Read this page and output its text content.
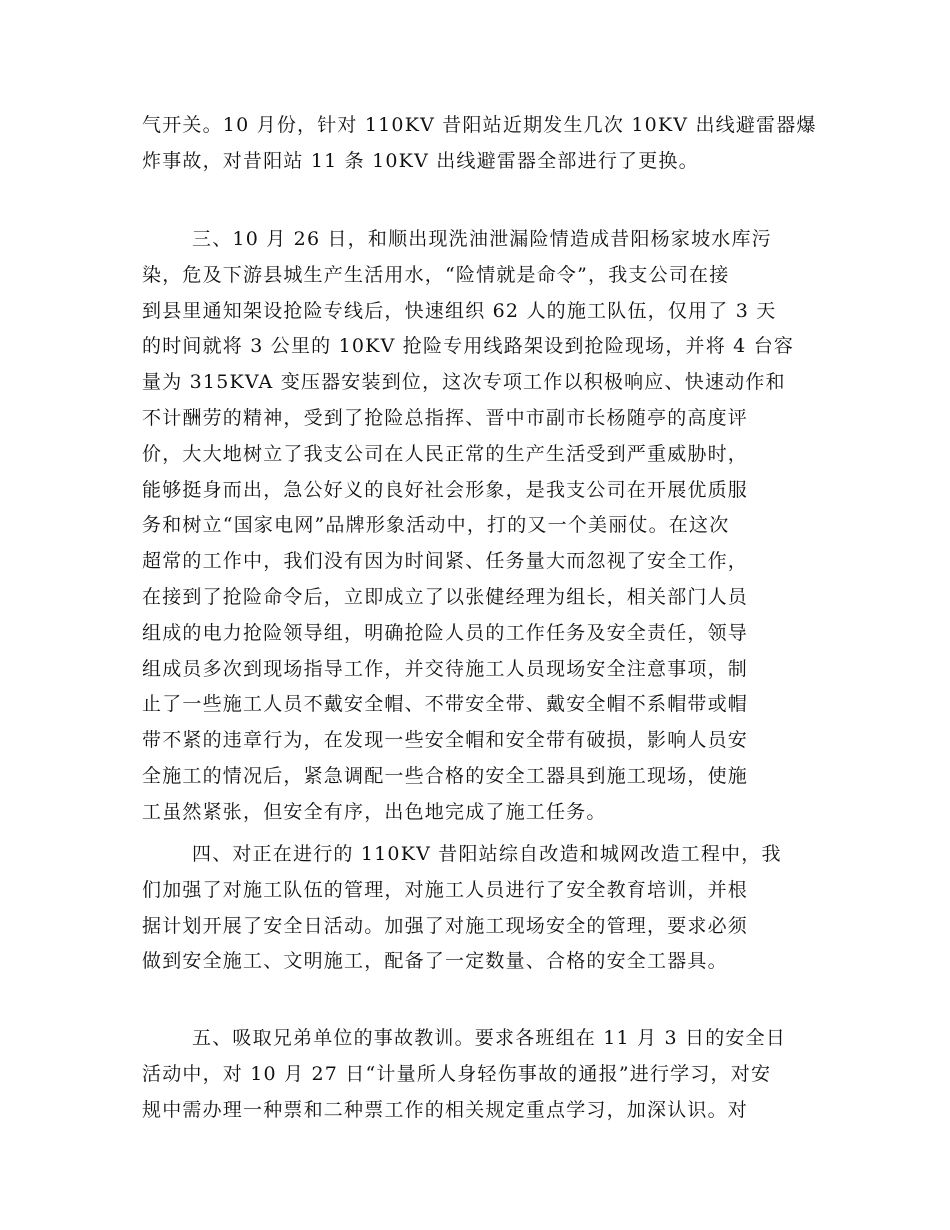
气开关。10 月份，针对 110KV 昔阳站近期发生几次 10KV 出线避雷器爆
炸事故，对昔阳站 11 条 10KV 出线避雷器全部进行了更换。
三、10 月 26 日，和顺出现洗油泄漏险情造成昔阳杨家坡水库污
染，危及下游县城生产生活用水，“险情就是命令”，我支公司在接
到县里通知架设抢险专线后，快速组织 62 人的施工队伍，仅用了 3 天
的时间就将 3 公里的 10KV 抢险专用线路架设到抢险现场，并将 4 台容
量为 315KVA 变压器安装到位，这次专项工作以积极响应、快速动作和
不计酬劳的精神，受到了抢险总指挥、晋中市副市长杨随亭的高度评
价，大大地树立了我支公司在人民正常的生产生活受到严重威胁时，
能够挺身而出，急公好义的良好社会形象，是我支公司在开展优质服
务和树立“国家电网”品牌形象活动中，打的又一个美丽仗。在这次
超常的工作中，我们没有因为时间紧、任务量大而忽视了安全工作，
在接到了抢险命令后，立即成立了以张健经理为组长，相关部门人员
组成的电力抢险领导组，明确抢险人员的工作任务及安全责任，领导
组成员多次到现场指导工作，并交待施工人员现场安全注意事项，制
止了一些施工人员不戴安全帽、不带安全带、戴安全帽不系帽带或帽
带不紧的违章行为，在发现一些安全帽和安全带有破损，影响人员安
全施工的情况后，紧急调配一些合格的安全工器具到施工现场，使施
工虽然紧张，但安全有序，出色地完成了施工任务。
四、对正在进行的 110KV 昔阳站综自改造和城网改造工程中，我
们加强了对施工队伍的管理，对施工人员进行了安全教育培训，并根
据计划开展了安全日活动。加强了对施工现场安全的管理，要求必须
做到安全施工、文明施工，配备了一定数量、合格的安全工器具。
五、吸取兄弟单位的事故教训。要求各班组在 11 月 3 日的安全日
活动中，对 10 月 27 日“计量所人身轻伤事故的通报”进行学习，对安
规中需办理一种票和二种票工作的相关规定重点学习，加深认识。对
